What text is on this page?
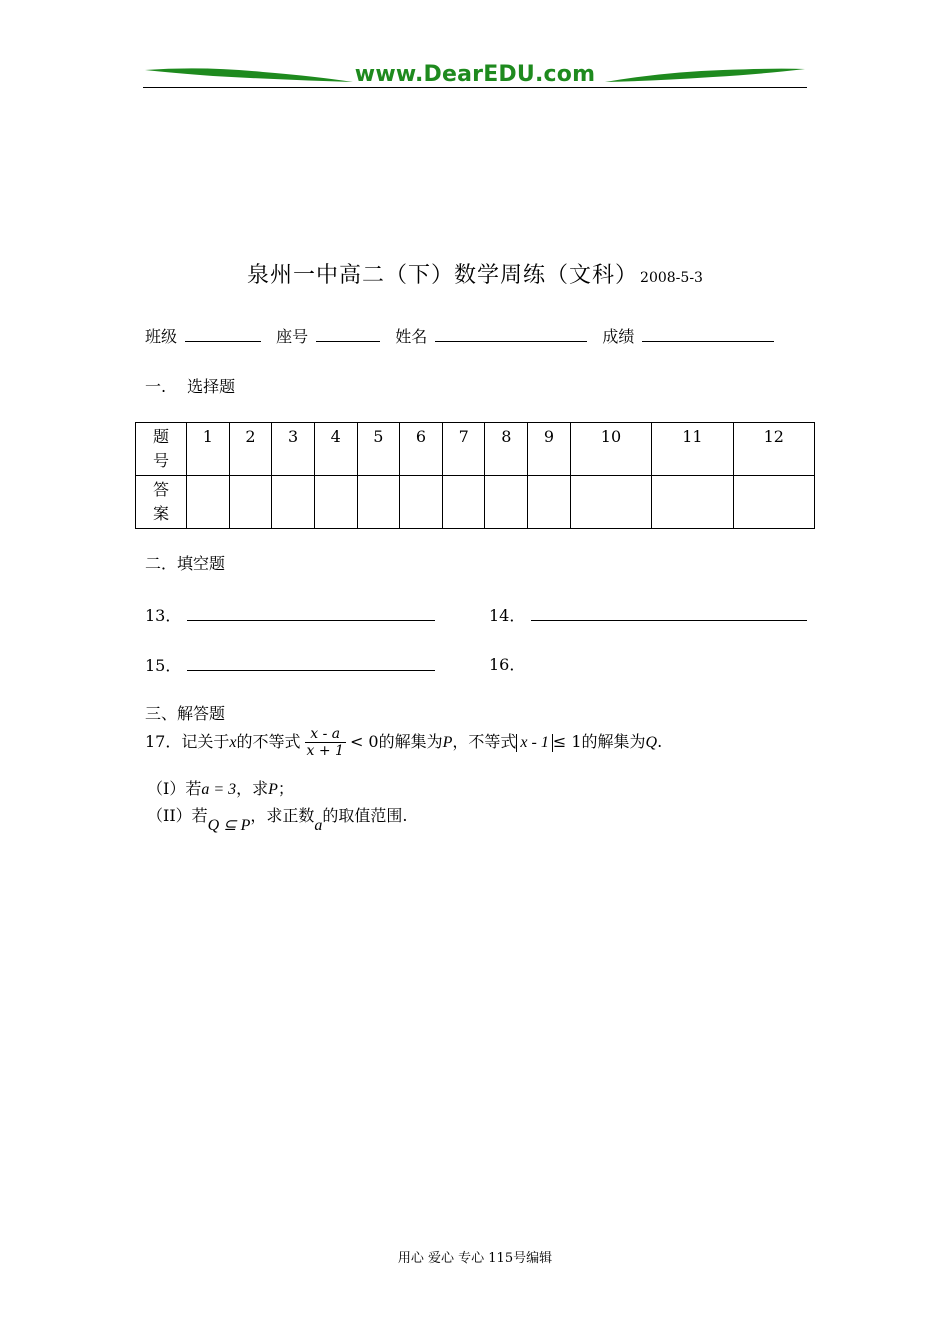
www.DearEDU.com
泉州一中高二（下）数学周练（文科） 2008-5-3
班级	座号	姓名	成绩
一.　 选择题
题号	1	2	3	4	5	6	7	8	9	10	11	12
答案												
二．填空题
13．	14．
15．	16．
三、解答题
17．记关于x的不等式 $\frac{x - a}{x + 1} < 0$的解集为P，不等式 x - 1 ≤ 1的解集为Q.
（I）若a = 3，求P；
（II）若Q ⊆ P，求正数a的取值范围.
用心 爱心 专心 115号编辑
